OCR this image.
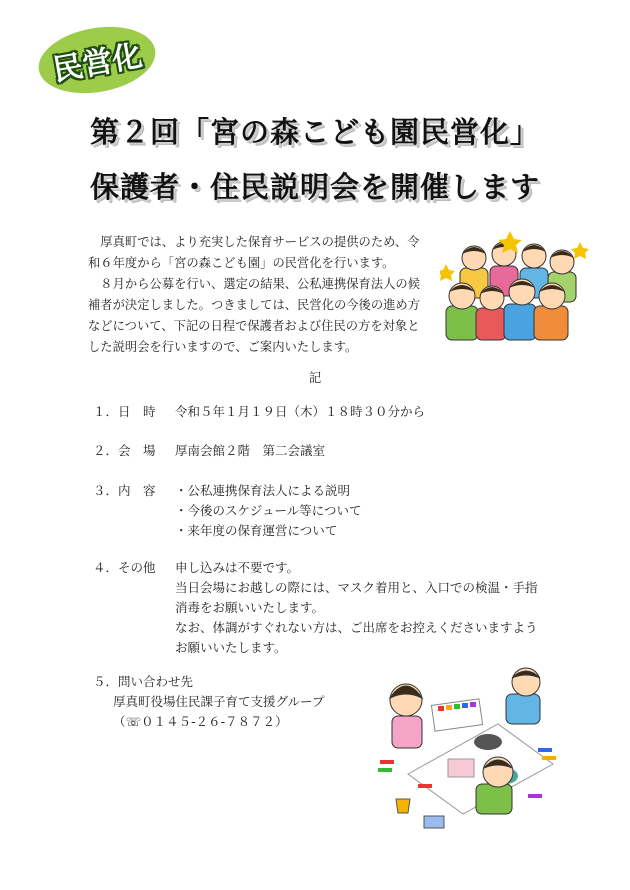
民営化
第２回「宮の森こども園民営化」
保護者・住民説明会を開催します

厚真町では、より充実した保育サービスの提供のため、令和６年度から「宮の森こども園」の民営化を行います。

８月から公募を行い、選定の結果、公私連携保育法人の候補者が決定しました。つきましては、民営化の今後の進め方などについて、下記の日程で保護者および住民の方を対象とした説明会を行いますので、ご案内いたします。

記
１．日　時 令和５年１月１９日（木）１８時３０分から
２．会　場 厚南会館２階　第二会議室
３．内　容	・公私連携保育法人による説明
・今後のスケジュール等について
・来年度の保育運営について
４．その他	申し込みは不要です。
当日会場にお越しの際には、マスク着用と、入口での検温・手指
消毒をお願いいたします。
なお、体調がすぐれない方は、ご出席をお控えくださいますよう
お願いいたします。
５．問い合わせ先
厚真町役場住民課子育て支援グループ
（☏０１４５-２６-７８７２）
